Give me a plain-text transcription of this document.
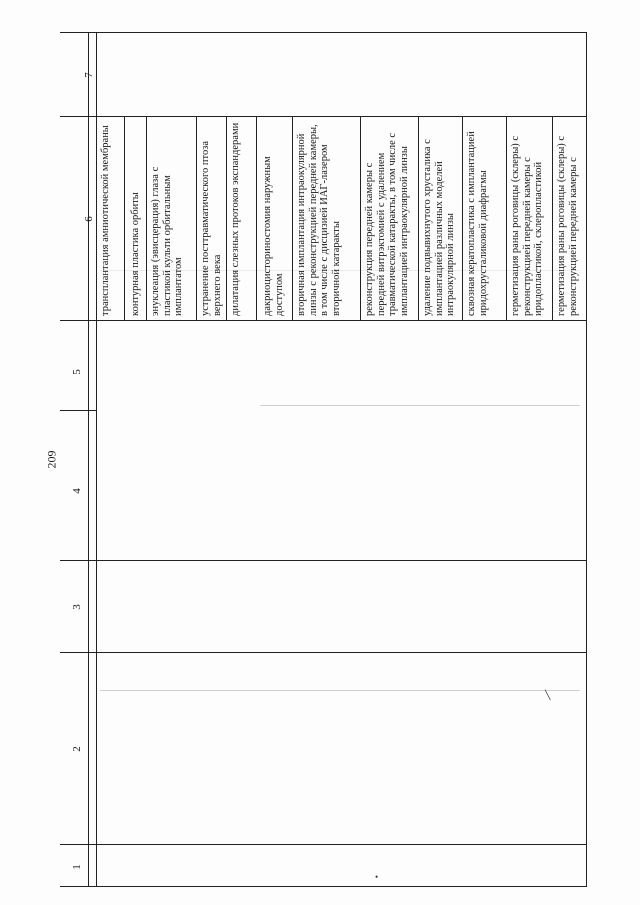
209
7
6
5
4
3
2
1
трансплантация амниотической мембраны контурная пластика орбиты энуклеация (эвисцерация) глаза с пластикой культи орбитальным имплантатом устранение посттравматического птоза верхнего века дилатация слезных протоков экспандерами дакриоцисториностомия наружным доступом вторичная имплантация интраокулярной линзы с реконструкцией передней камеры, в том числе с дисцизией ИАГ-лазером вторичной катаракты реконструкция передней камеры с передней витрэктомией с удалением травматической катаракты, в том числе с имплантацией интраокулярной линзы удаление подвывихнутого хрусталика с имплантацией различных моделей интраокулярной линзы сквозная кератопластика с имплантацией иридохрусталиковой диафрагмы герметизация раны роговицы (склеры) с реконструкцией передней камеры с иридопластикой, склеропластикой герметизация раны роговицы (склеры) с реконструкцией передней камеры с
╲
•
